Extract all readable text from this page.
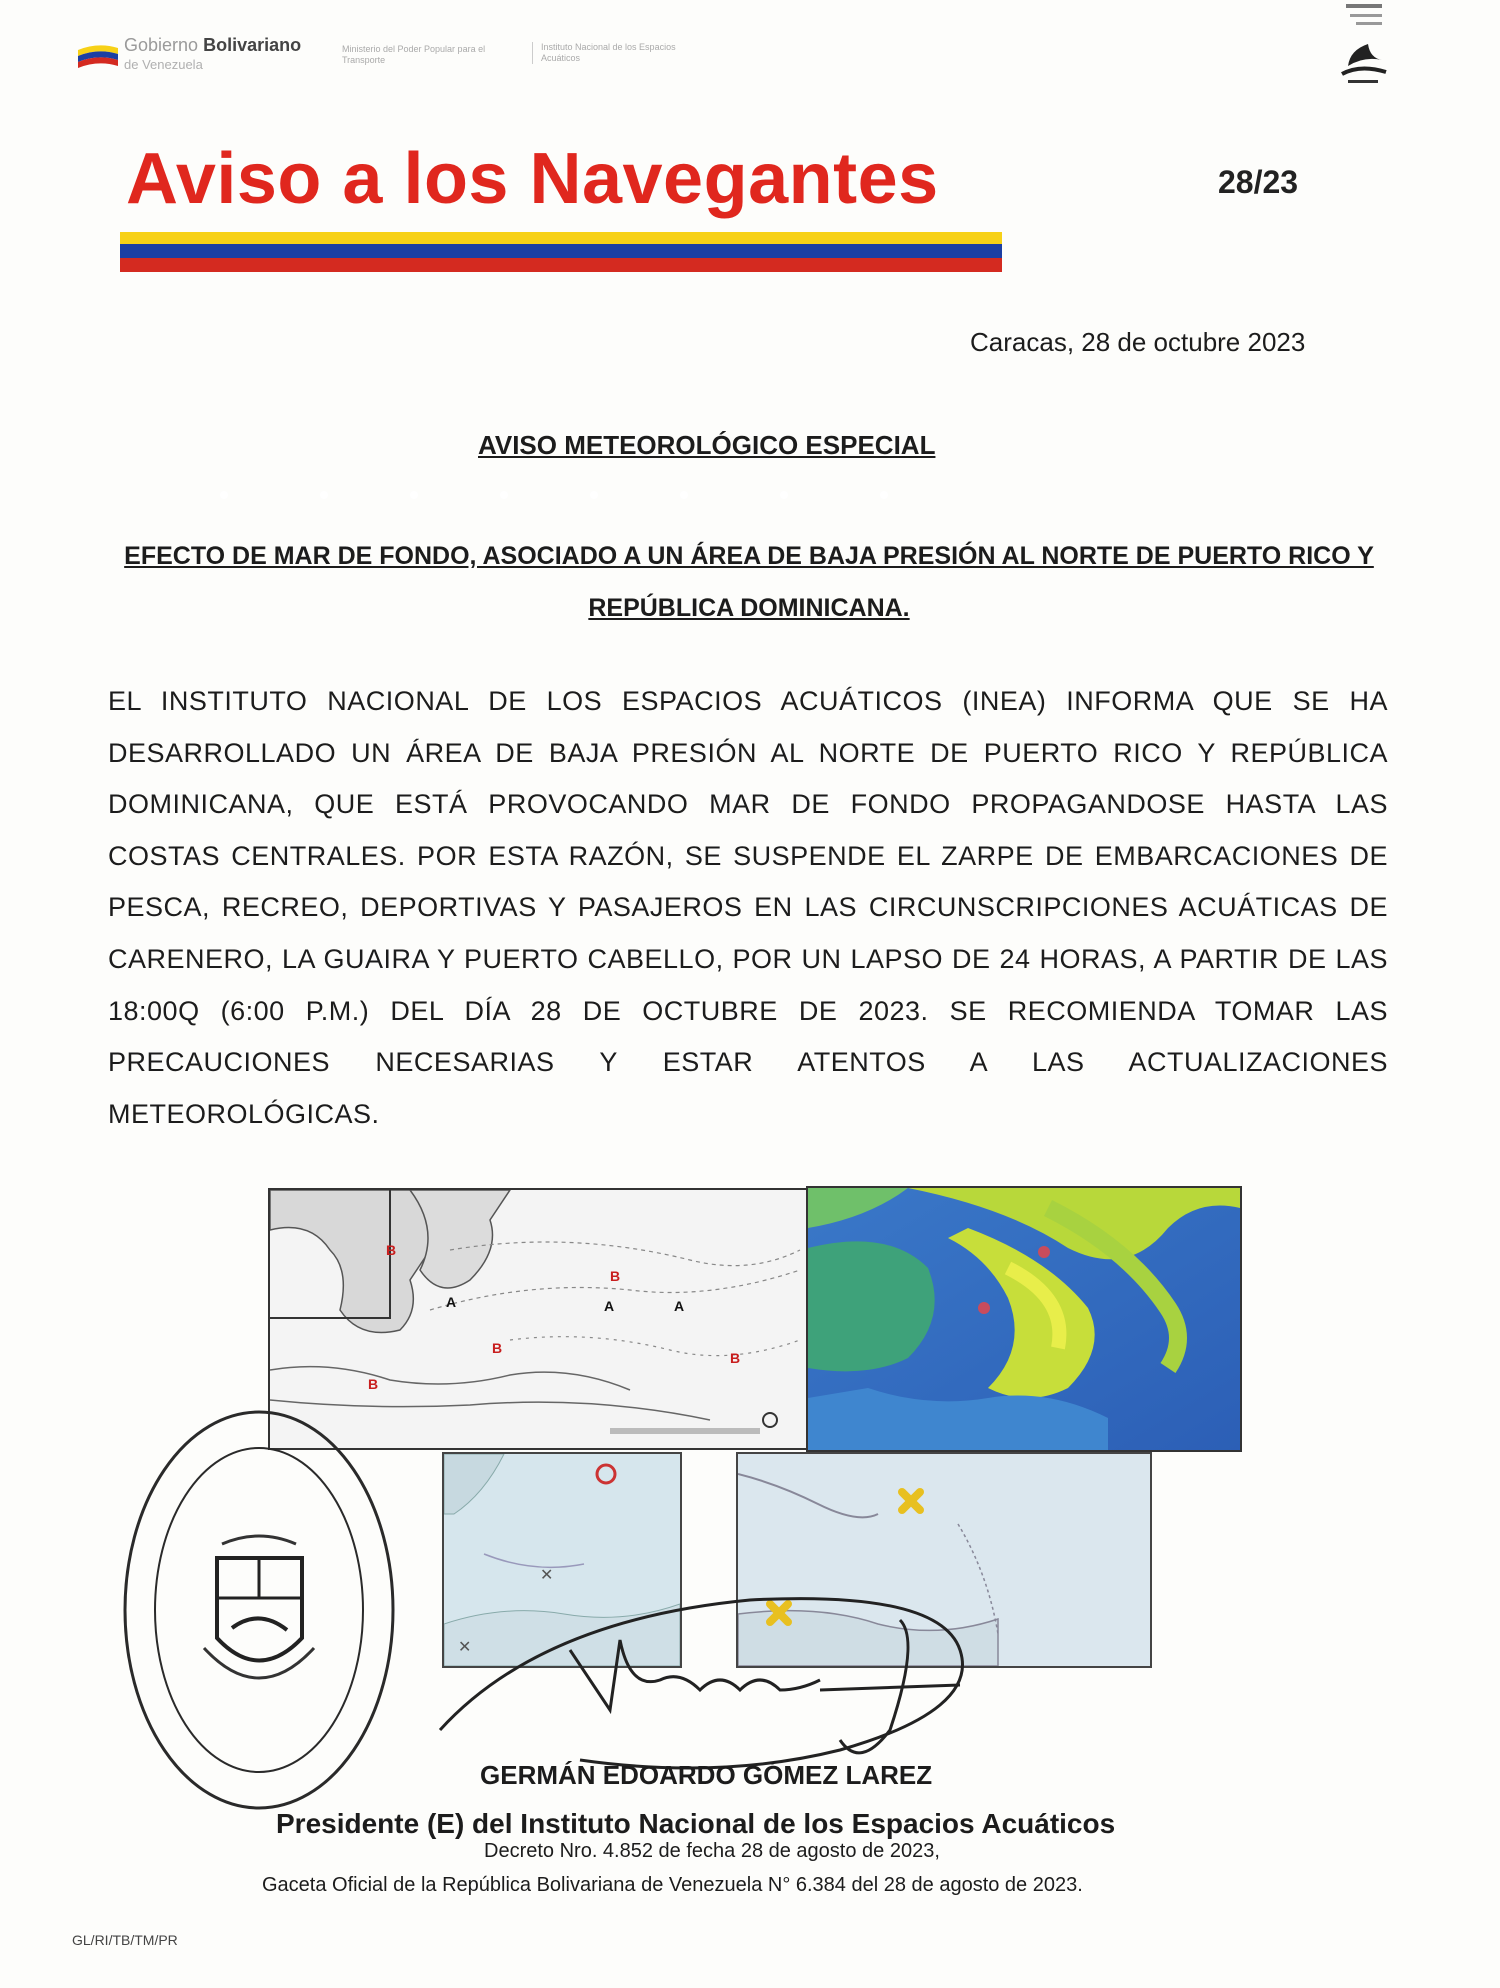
Gobierno Bolivariano
de Venezuela
Ministerio del Poder Popular para el Transporte
Instituto Nacional de los Espacios Acuáticos
Aviso a los Navegantes	28/23
Caracas, 28 de octubre 2023
AVISO METEOROLÓGICO ESPECIAL
EFECTO DE MAR DE FONDO, ASOCIADO A UN ÁREA DE BAJA PRESIÓN AL NORTE DE PUERTO RICO Y REPÚBLICA DOMINICANA.
EL INSTITUTO NACIONAL DE LOS ESPACIOS ACUÁTICOS (INEA) INFORMA QUE SE HA DESARROLLADO UN ÁREA DE BAJA PRESIÓN AL NORTE DE PUERTO RICO Y REPÚBLICA DOMINICANA, QUE ESTÁ PROVOCANDO MAR DE FONDO PROPAGANDOSE HASTA LAS COSTAS CENTRALES. POR ESTA RAZÓN, SE SUSPENDE EL ZARPE DE EMBARCACIONES DE PESCA, RECREO, DEPORTIVAS Y PASAJEROS EN LAS CIRCUNSCRIPCIONES ACUÁTICAS DE CARENERO, LA GUAIRA Y PUERTO CABELLO, POR UN LAPSO DE 24 HORAS, A PARTIR DE LAS 18:00Q (6:00 P.M.) DEL DÍA 28 DE OCTUBRE DE 2023. SE RECOMIENDA TOMAR LAS PRECAUCIONES NECESARIAS Y ESTAR ATENTOS A LAS ACTUALIZACIONES METEOROLÓGICAS.
B
A
B
A	A
B
B
B
✕
✕
GERMÁN EDOARDO GÓMEZ LAREZ
Presidente (E) del Instituto Nacional de los Espacios Acuáticos
Decreto Nro. 4.852 de fecha 28 de agosto de 2023,
Gaceta Oficial de la República Bolivariana de Venezuela N° 6.384 del 28 de agosto de 2023.
GL/RI/TB/TM/PR
